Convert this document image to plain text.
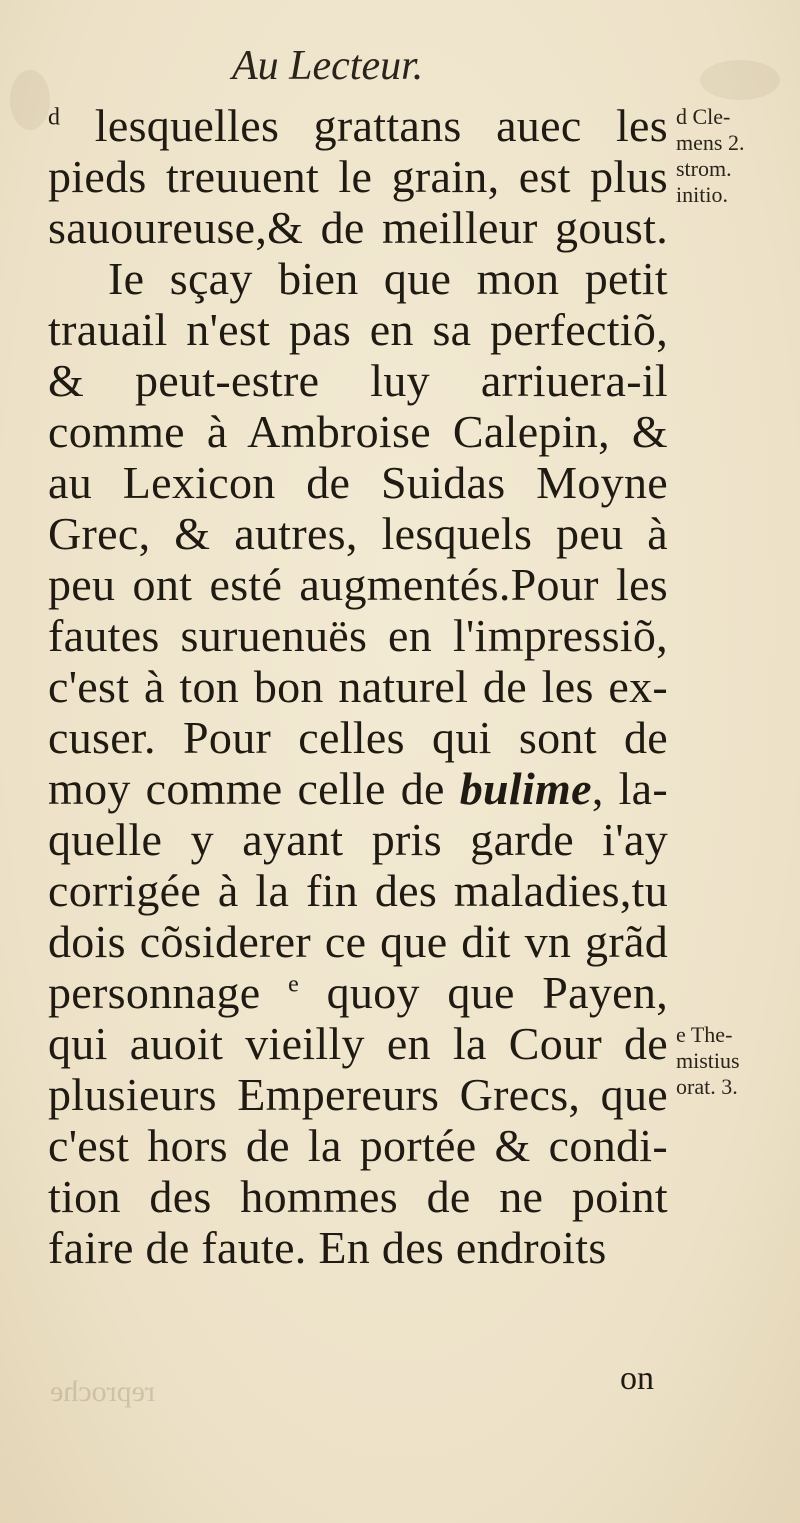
Au Lecteur.
$^d$ lesquelles grattans auec les
pieds treuuent le grain, est plus
sauoureuse,& de meilleur goust.
Ie sçay bien que mon petit
trauail n'est pas en sa perfectiõ,
& peut-estre luy arriuera-il
comme à Ambroise Calepin, &
au Lexicon de Suidas Moyne
Grec, & autres, lesquels peu à
peu ont esté augmentés.Pour les
fautes suruenuës en l'impressiõ,
c'est à ton bon naturel de les ex-
cuser. Pour celles qui sont de
moy comme celle de bulime, la-
quelle y ayant pris garde i'ay
corrigée à la fin des maladies,tu
dois cõsiderer ce que dit vn grãd
personnage $^e$ quoy que Payen,
qui auoit vieilly en la Cour de
plusieurs Empereurs Grecs, que
c'est hors de la portée & condi-
tion des hommes de ne point
faire de faute. En des endroits
d Cle-
mens 2.
strom.
initio.
e The-
mistius
orat. 3.
reproche	on
